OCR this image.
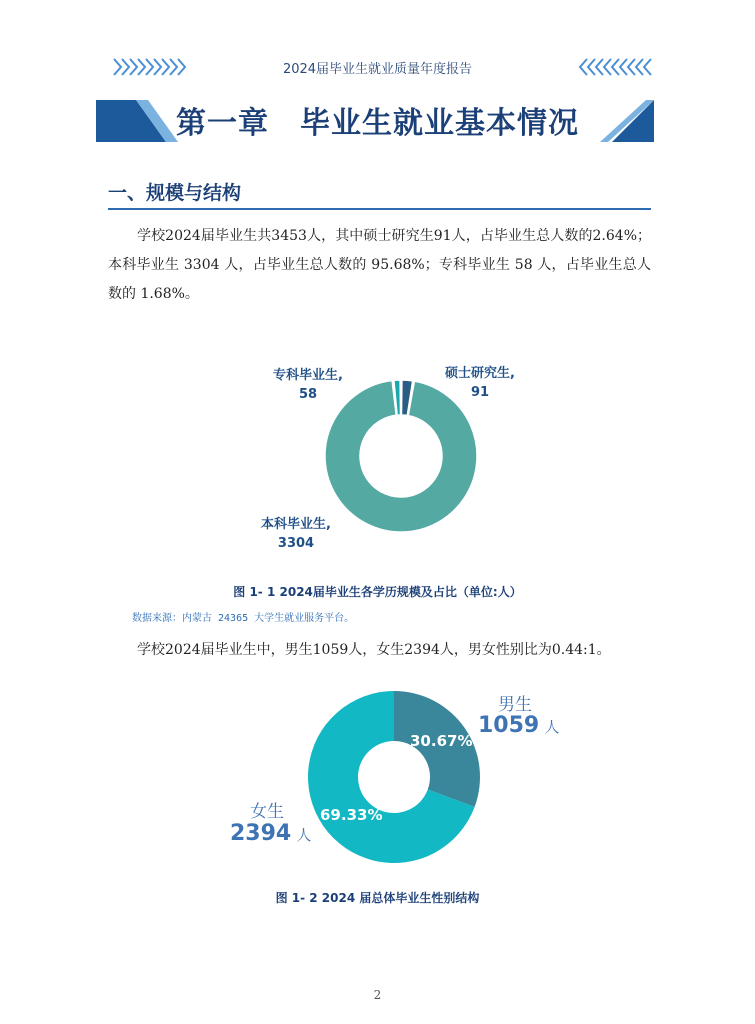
2024届毕业生就业质量年度报告
第一章　毕业生就业基本情况
一、规模与结构
学校2024届毕业生共3453人，其中硕士研究生91人，占毕业生总人数的2.64%；本科毕业生 3304 人，占毕业生总人数的 95.68%；专科毕业生 58 人，占毕业生总人数的 1.68%。
专科毕业生,
58
硕士研究生,
91
本科毕业生,
3304
图 1- 1 2024届毕业生各学历规模及占比（单位:人）
数据来源：内蒙古 24365 大学生就业服务平台。
学校2024届毕业生中，男生1059人，女生2394人，男女性别比为0.44:1。
30.67%
69.33%
男生
1059 人
女生
2394 人
图 1- 2 2024 届总体毕业生性别结构
2
